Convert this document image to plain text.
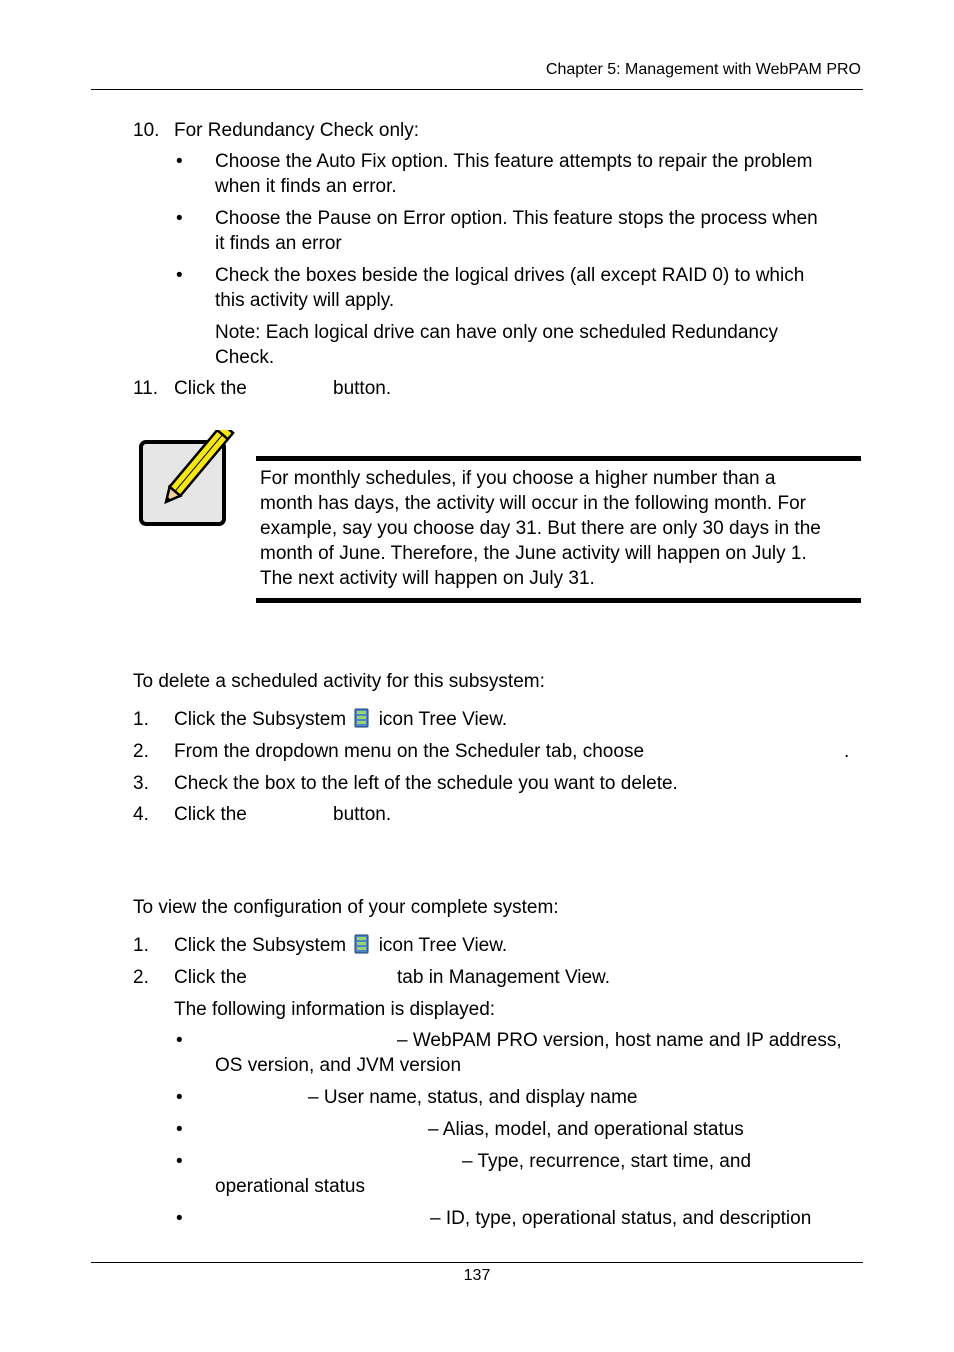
Chapter 5: Management with WebPAM PRO
10. For Redundancy Check only:
• Choose the Auto Fix option. This feature attempts to repair the problem
when it finds an error.
• Choose the Pause on Error option. This feature stops the process when
it finds an error
• Check the boxes beside the logical drives (all except RAID 0) to which
this activity will apply.
Note: Each logical drive can have only one scheduled Redundancy
Check.
11. Click the	button.
For monthly schedules, if you choose a higher number than a
month has days, the activity will occur in the following month. For
example, say you choose day 31. But there are only 30 days in the
month of June. Therefore, the June activity will happen on July 1.
The next activity will happen on July 31.
To delete a scheduled activity for this subsystem:
1. Click the Subsystem icon Tree View.
2. From the dropdown menu on the Scheduler tab, choose	.
3. Check the box to the left of the schedule you want to delete.
4. Click the	button.
To view the configuration of your complete system:
1. Click the Subsystem icon Tree View.
2. Click the	tab in Management View.
The following information is displayed:
•	– WebPAM PRO version, host name and IP address,
OS version, and JVM version
•	– User name, status, and display name
•	– Alias, model, and operational status
•	– Type, recurrence, start time, and
operational status
•	– ID, type, operational status, and description
137
